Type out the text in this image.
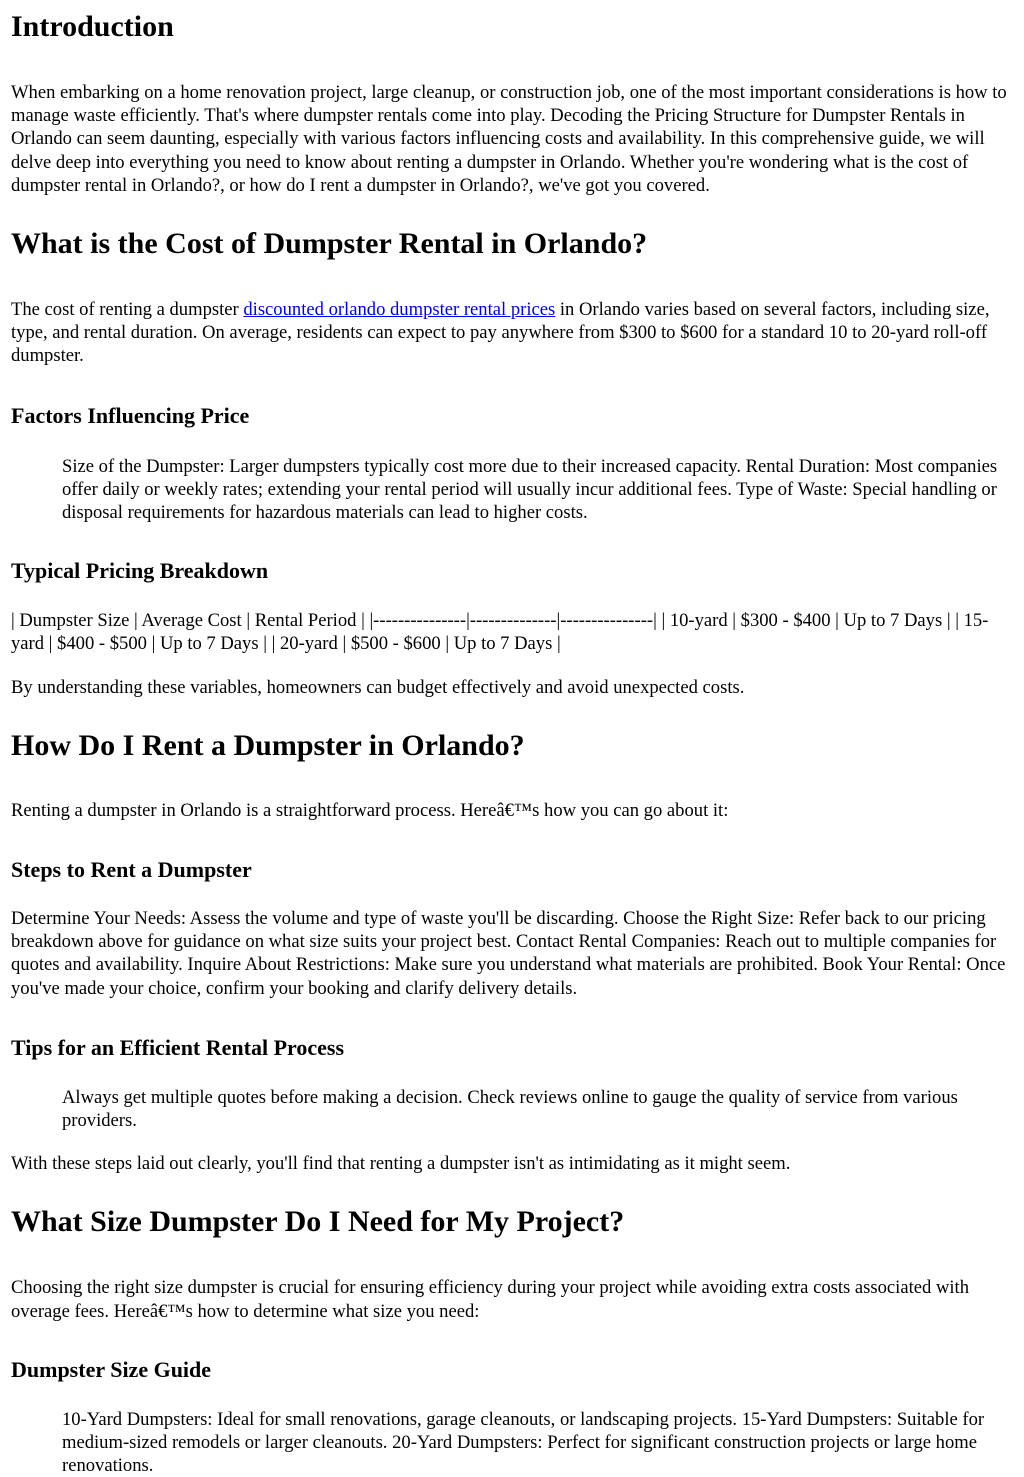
Introduction

When embarking on a home renovation project, large cleanup, or construction job, one of the most important considerations is how to manage waste efficiently. That's where dumpster rentals come into play. Decoding the Pricing Structure for Dumpster Rentals in Orlando can seem daunting, especially with various factors influencing costs and availability. In this comprehensive guide, we will delve deep into everything you need to know about renting a dumpster in Orlando. Whether you're wondering what is the cost of dumpster rental in Orlando?, or how do I rent a dumpster in Orlando?, we've got you covered.

What is the Cost of Dumpster Rental in Orlando?

The cost of renting a dumpster discounted orlando dumpster rental prices in Orlando varies based on several factors, including size, type, and rental duration. On average, residents can expect to pay anywhere from $300 to $600 for a standard 10 to 20-yard roll-off dumpster.

Factors Influencing Price
Size of the Dumpster: Larger dumpsters typically cost more due to their increased capacity. Rental Duration: Most companies offer daily or weekly rates; extending your rental period will usually incur additional fees. Type of Waste: Special handling or disposal requirements for hazardous materials can lead to higher costs.
Typical Pricing Breakdown

| Dumpster Size | Average Cost | Rental Period | |---------------|--------------|---------------| | 10-yard | $300 - $400 | Up to 7 Days | | 15-yard | $400 - $500 | Up to 7 Days | | 20-yard | $500 - $600 | Up to 7 Days |

By understanding these variables, homeowners can budget effectively and avoid unexpected costs.

How Do I Rent a Dumpster in Orlando?

Renting a dumpster in Orlando is a straightforward process. Hereâ€™s how you can go about it:

Steps to Rent a Dumpster

Determine Your Needs: Assess the volume and type of waste you'll be discarding. Choose the Right Size: Refer back to our pricing breakdown above for guidance on what size suits your project best. Contact Rental Companies: Reach out to multiple companies for quotes and availability. Inquire About Restrictions: Make sure you understand what materials are prohibited. Book Your Rental: Once you've made your choice, confirm your booking and clarify delivery details.

Tips for an Efficient Rental Process
Always get multiple quotes before making a decision. Check reviews online to gauge the quality of service from various providers.

With these steps laid out clearly, you'll find that renting a dumpster isn't as intimidating as it might seem.

What Size Dumpster Do I Need for My Project?

Choosing the right size dumpster is crucial for ensuring efficiency during your project while avoiding extra costs associated with overage fees. Hereâ€™s how to determine what size you need:

Dumpster Size Guide
10-Yard Dumpsters: Ideal for small renovations, garage cleanouts, or landscaping projects. 15-Yard Dumpsters: Suitable for medium-sized remodels or larger cleanouts. 20-Yard Dumpsters: Perfect for significant construction projects or large home renovations.
